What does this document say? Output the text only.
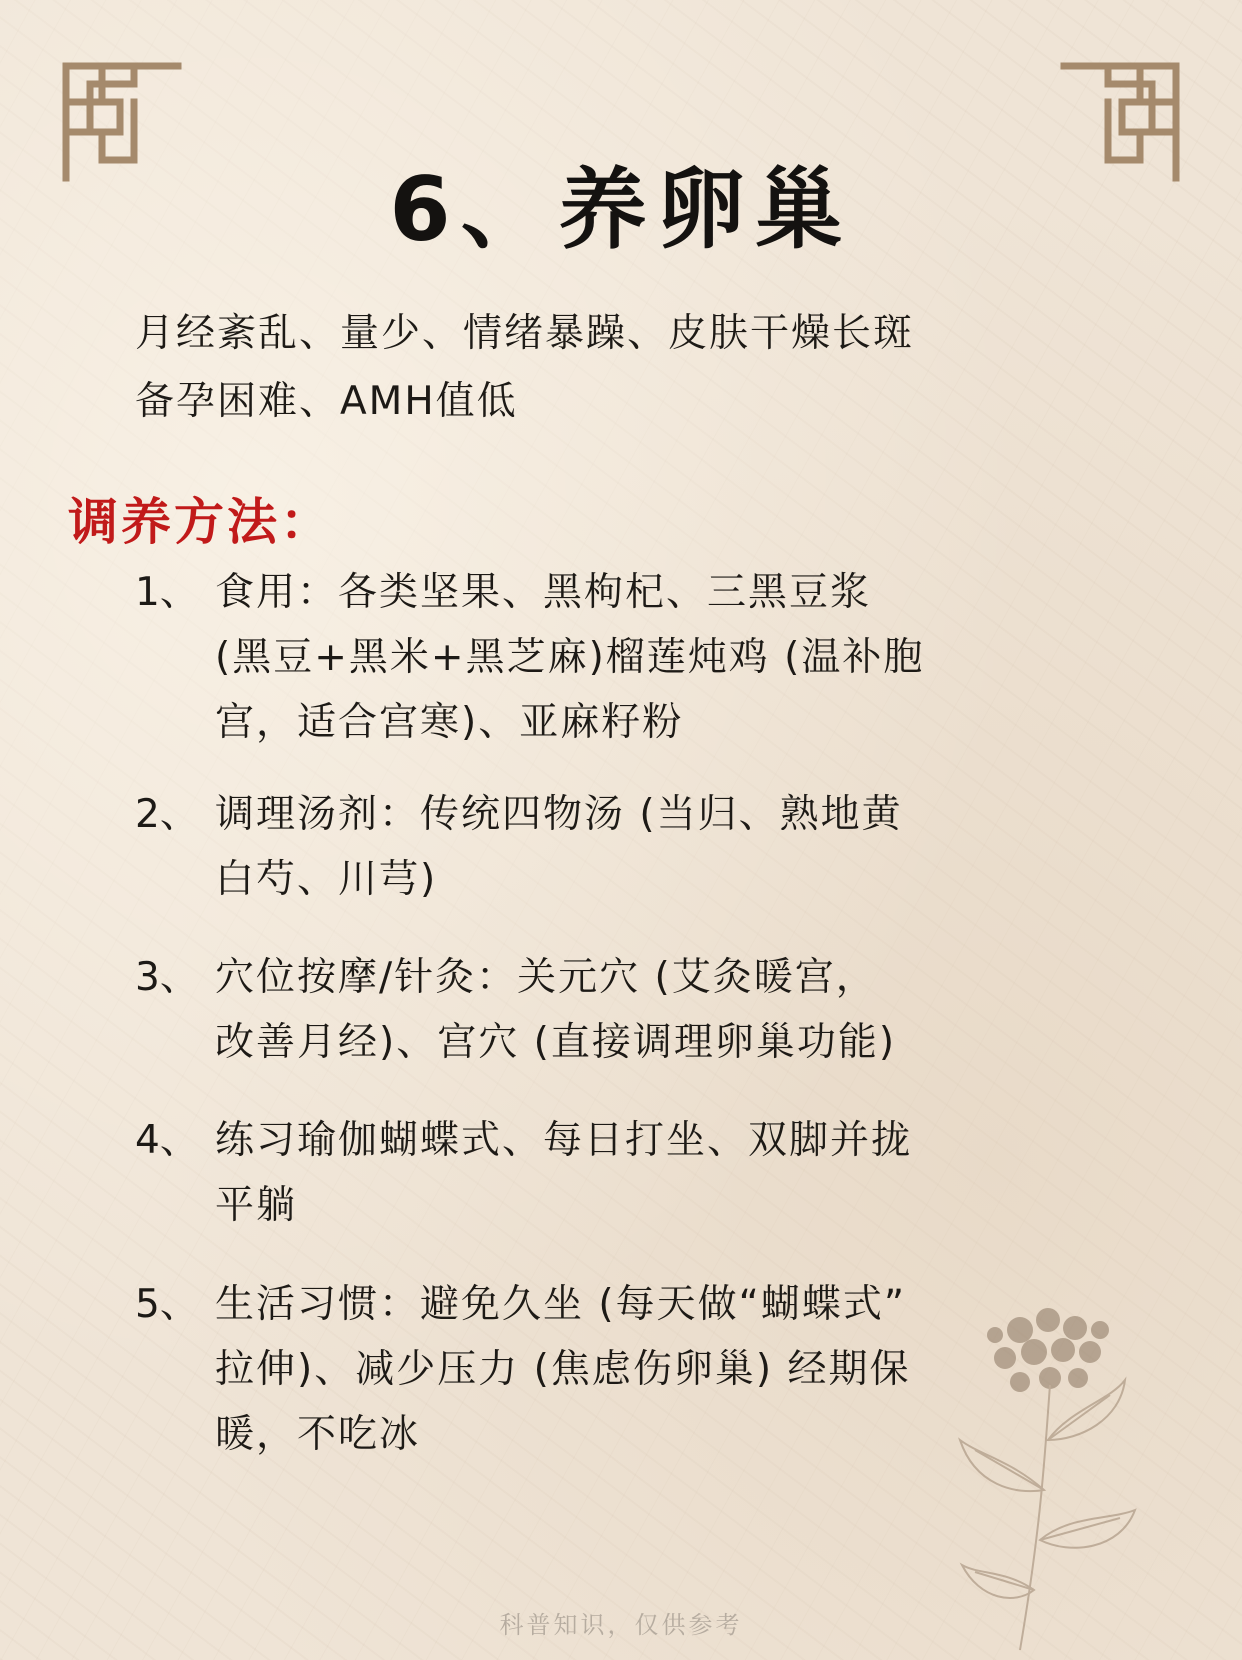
6、养卵巢
月经紊乱、量少、情绪暴躁、皮肤干燥长斑
备孕困难、AMH值低
调养方法：
1、 食用：各类坚果、黑枸杞、三黑豆浆
(黑豆+黑米+黑芝麻)榴莲炖鸡 (温补胞
宫，适合宫寒)、亚麻籽粉
2、 调理汤剂：传统四物汤 (当归、熟地黄
白芍、川芎)
3、 穴位按摩/针灸：关元穴 (艾灸暖宫，
改善月经)、宫穴 (直接调理卵巢功能)
4、 练习瑜伽蝴蝶式、每日打坐、双脚并拢
平躺
5、 生活习惯：避免久坐 (每天做“蝴蝶式”
拉伸)、减少压力 (焦虑伤卵巢) 经期保
暖，不吃冰
科普知识，仅供参考
